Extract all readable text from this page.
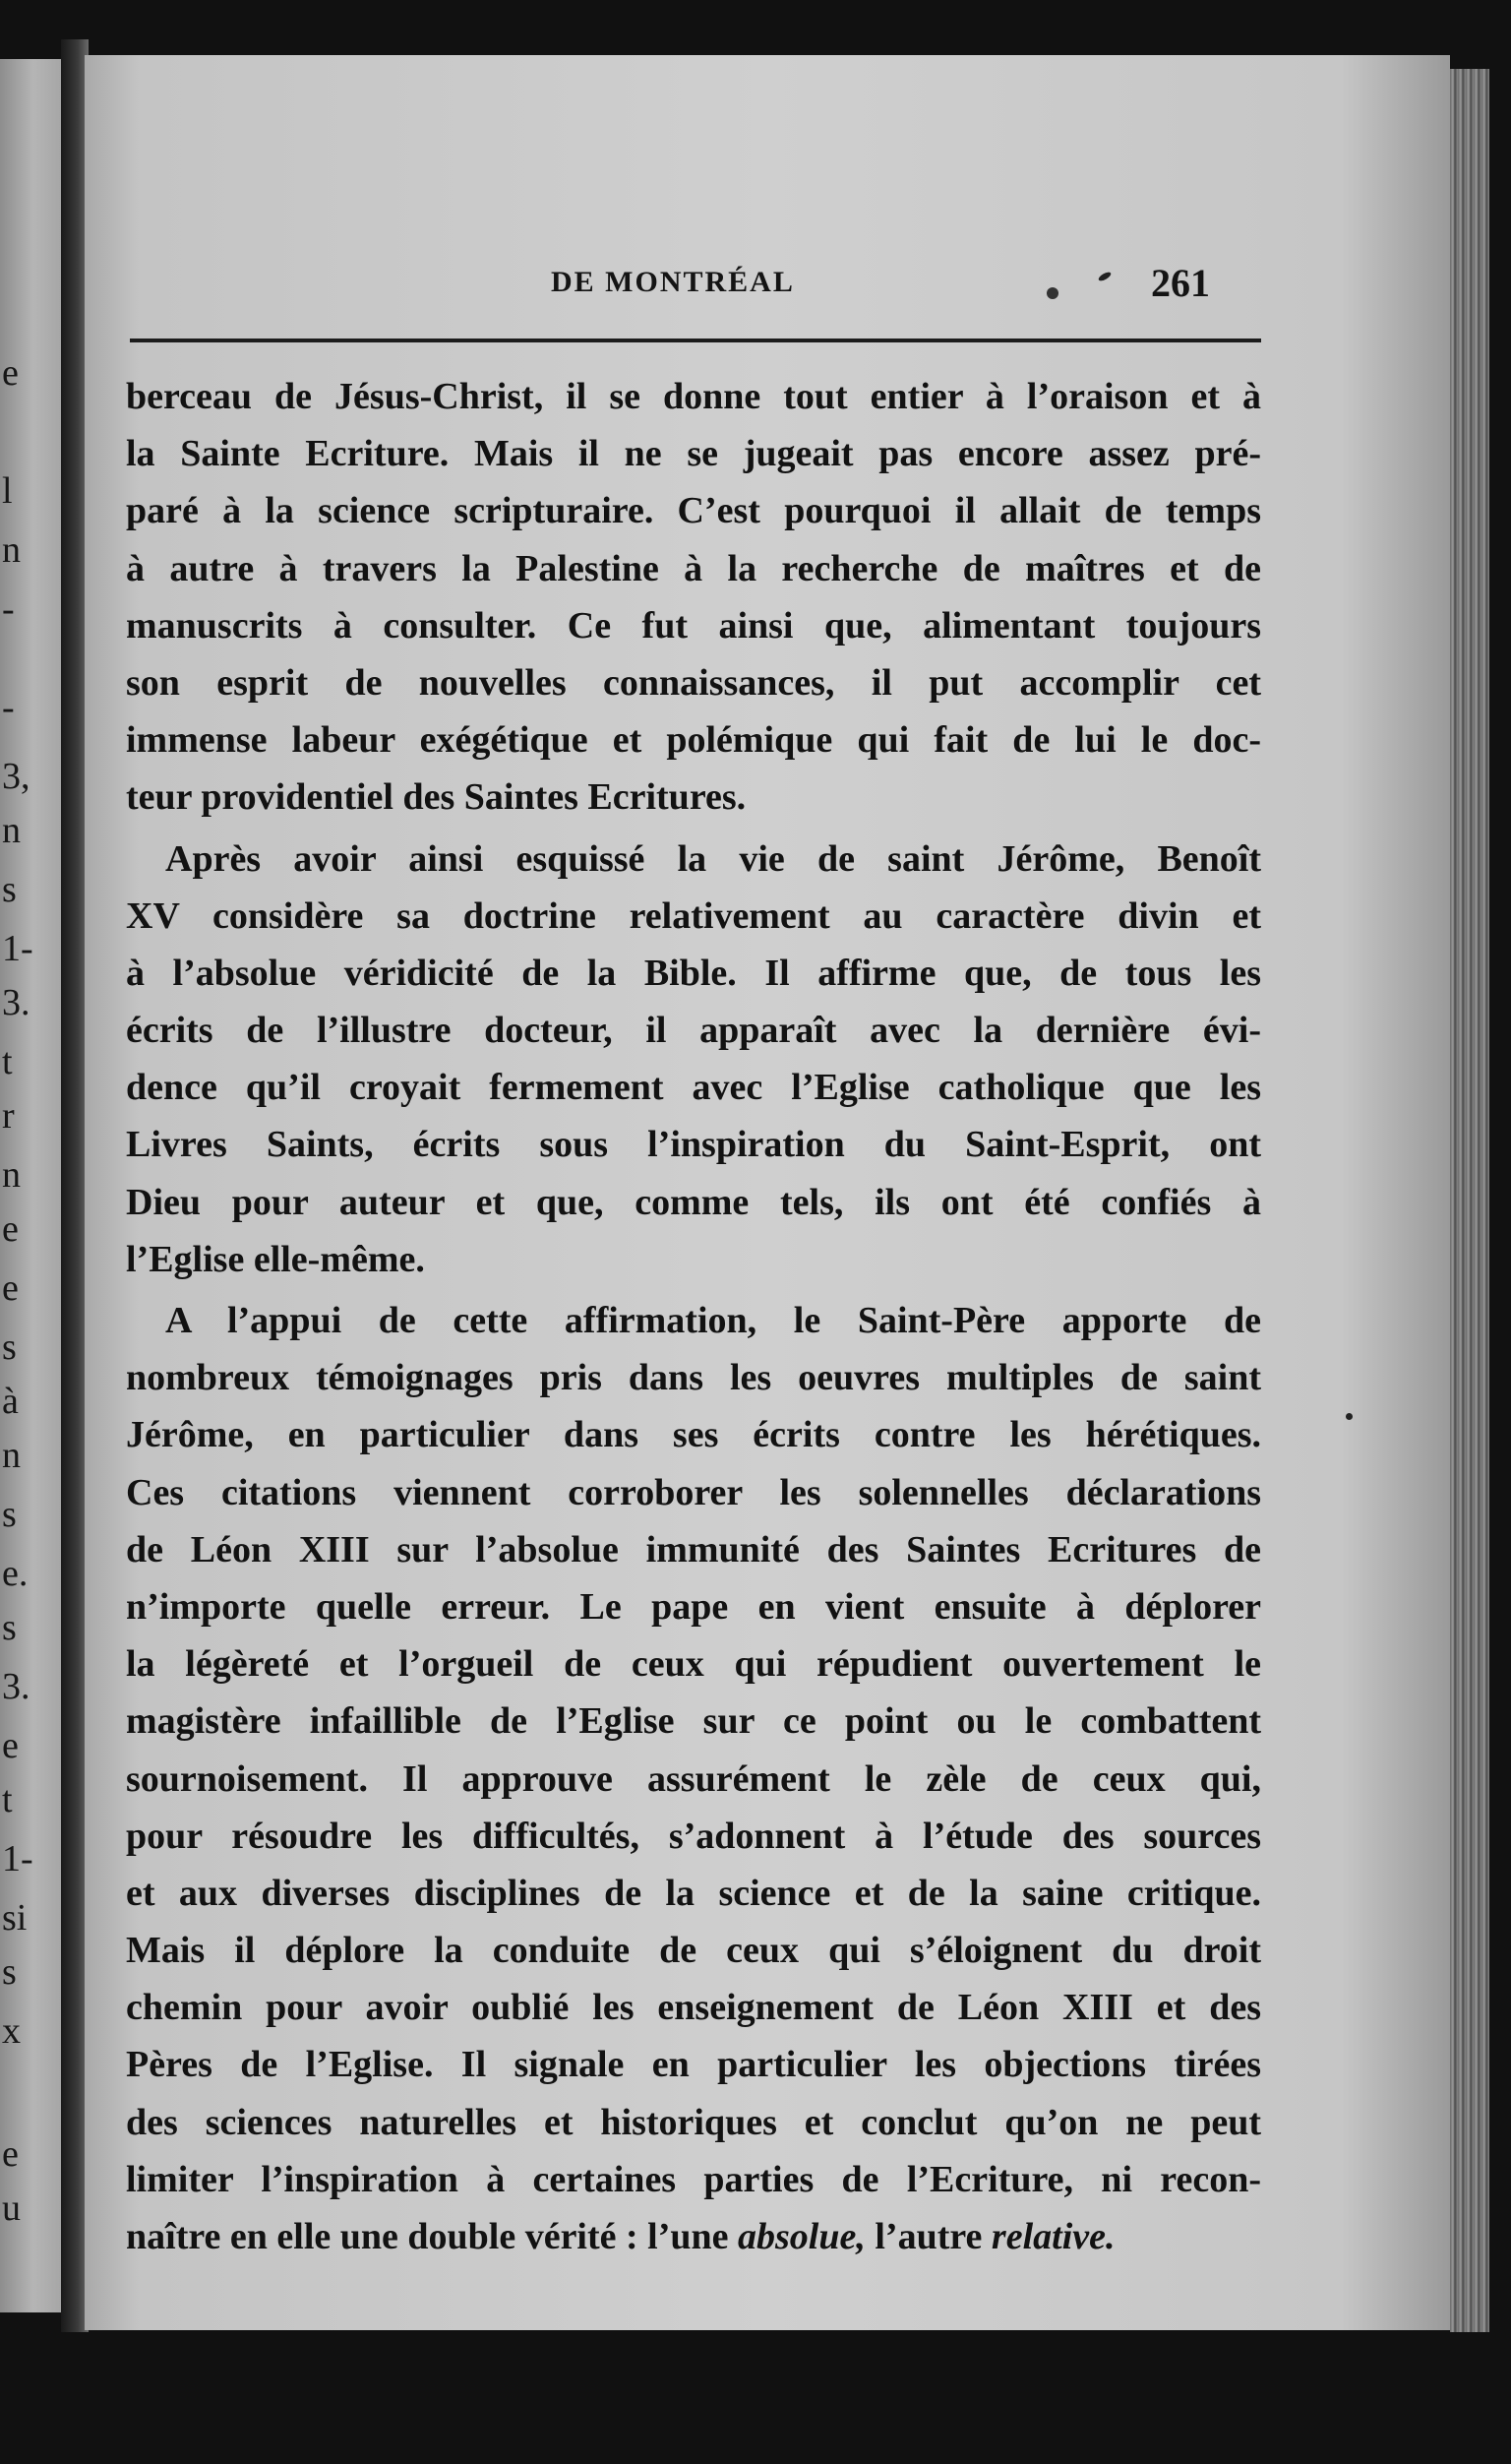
e
l
n
-
-
3,
n
s
1-
3.
t
r
n
e
e
s
à
n
s
e.
s
3.
e
t
1-
si
s
x
e
u
DE MONTRÉAL	261
berceau de Jésus-Christ, il se donne tout entier à l’oraison et à
la Sainte Ecriture. Mais il ne se jugeait pas encore assez pré-
paré à la science scripturaire. C’est pourquoi il allait de temps
à autre à travers la Palestine à la recherche de maîtres et de
manuscrits à consulter. Ce fut ainsi que, alimentant toujours
son esprit de nouvelles connaissances, il put accomplir cet
immense labeur exégétique et polémique qui fait de lui le doc-
teur providentiel des Saintes Ecritures.
Après avoir ainsi esquissé la vie de saint Jérôme, Benoît
XV considère sa doctrine relativement au caractère divin et
à l’absolue véridicité de la Bible. Il affirme que, de tous les
écrits de l’illustre docteur, il apparaît avec la dernière évi-
dence qu’il croyait fermement avec l’Eglise catholique que les
Livres Saints, écrits sous l’inspiration du Saint-Esprit, ont
Dieu pour auteur et que, comme tels, ils ont été confiés à
l’Eglise elle-même.
A l’appui de cette affirmation, le Saint-Père apporte de
nombreux témoignages pris dans les oeuvres multiples de saint
Jérôme, en particulier dans ses écrits contre les hérétiques.
Ces citations viennent corroborer les solennelles déclarations
de Léon XIII sur l’absolue immunité des Saintes Ecritures de
n’importe quelle erreur. Le pape en vient ensuite à déplorer
la légèreté et l’orgueil de ceux qui répudient ouvertement le
magistère infaillible de l’Eglise sur ce point ou le combattent
sournoisement. Il approuve assurément le zèle de ceux qui,
pour résoudre les difficultés, s’adonnent à l’étude des sources
et aux diverses disciplines de la science et de la saine critique.
Mais il déplore la conduite de ceux qui s’éloignent du droit
chemin pour avoir oublié les enseignement de Léon XIII et des
Pères de l’Eglise. Il signale en particulier les objections tirées
des sciences naturelles et historiques et conclut qu’on ne peut
limiter l’inspiration à certaines parties de l’Ecriture, ni recon-
naître en elle une double vérité : l’une absolue, l’autre relative.
